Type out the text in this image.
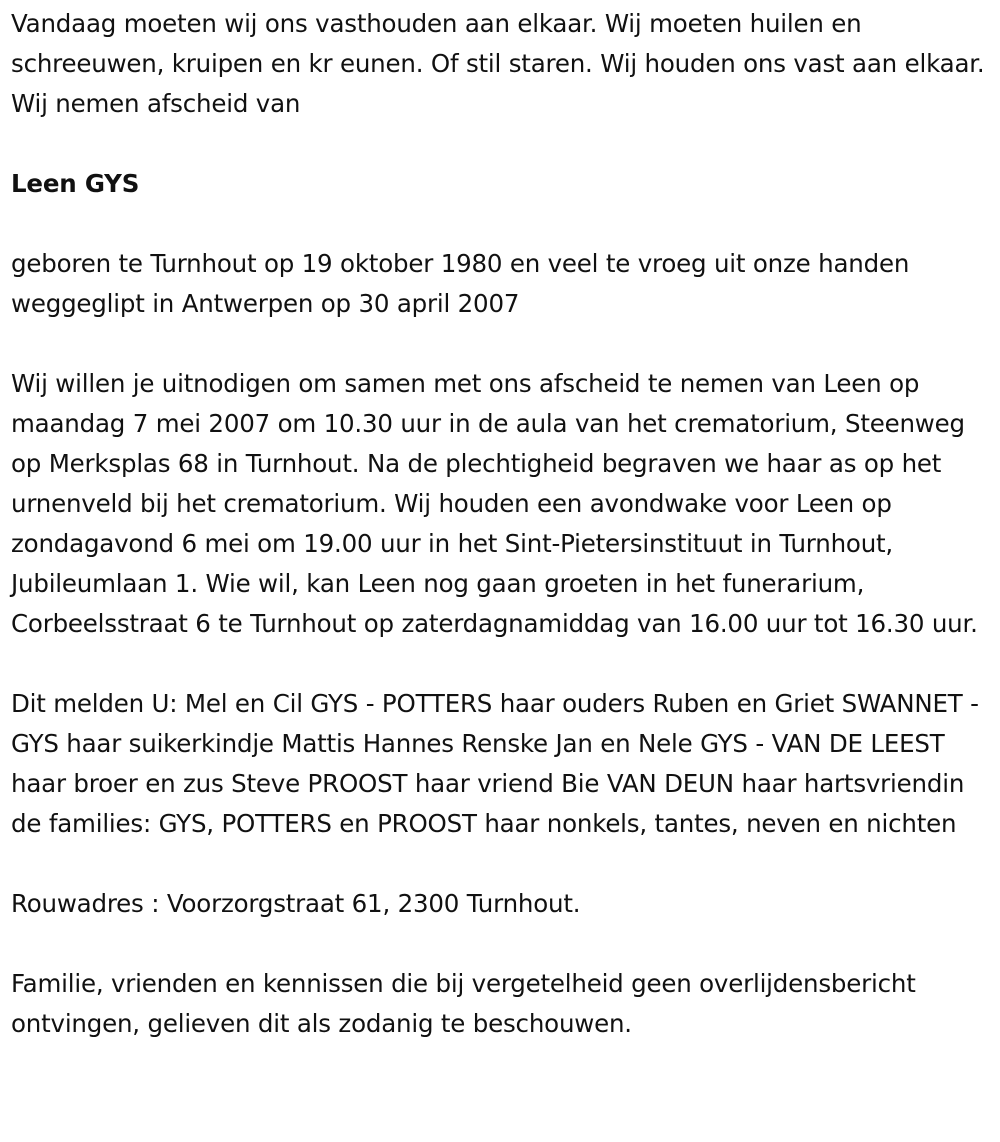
Vandaag moeten wij ons vasthouden aan elkaar. Wij moeten huilen en schreeuwen, kruipen en kr eunen. Of stil staren. Wij houden ons vast aan elkaar. Wij nemen afscheid van

Leen GYS

geboren te Turnhout op 19 oktober 1980 en veel te vroeg uit onze handen weggeglipt in Antwerpen op 30 april 2007

Wij willen je uitnodigen om samen met ons afscheid te nemen van Leen op maandag 7 mei 2007 om 10.30 uur in de aula van het crematorium, Steenweg op Merksplas 68 in Turnhout. Na de plechtigheid begraven we haar as op het urnenveld bij het crematorium. Wij houden een avondwake voor Leen op zondagavond 6 mei om 19.00 uur in het Sint-Pietersinstituut in Turnhout, Jubileumlaan 1. Wie wil, kan Leen nog gaan groeten in het funerarium, Corbeelsstraat 6 te Turnhout op zaterdagnamiddag van 16.00 uur tot 16.30 uur.

Dit melden U: Mel en Cil GYS - POTTERS haar ouders Ruben en Griet SWANNET - GYS haar suikerkindje Mattis Hannes Renske Jan en Nele GYS - VAN DE LEEST haar broer en zus Steve PROOST haar vriend Bie VAN DEUN haar hartsvriendin de families: GYS, POTTERS en PROOST haar nonkels, tantes, neven en nichten

Rouwadres : Voorzorgstraat 61, 2300 Turnhout.

Familie, vrienden en kennissen die bij vergetelheid geen overlijdensbericht ontvingen, gelieven dit als zodanig te beschouwen.
